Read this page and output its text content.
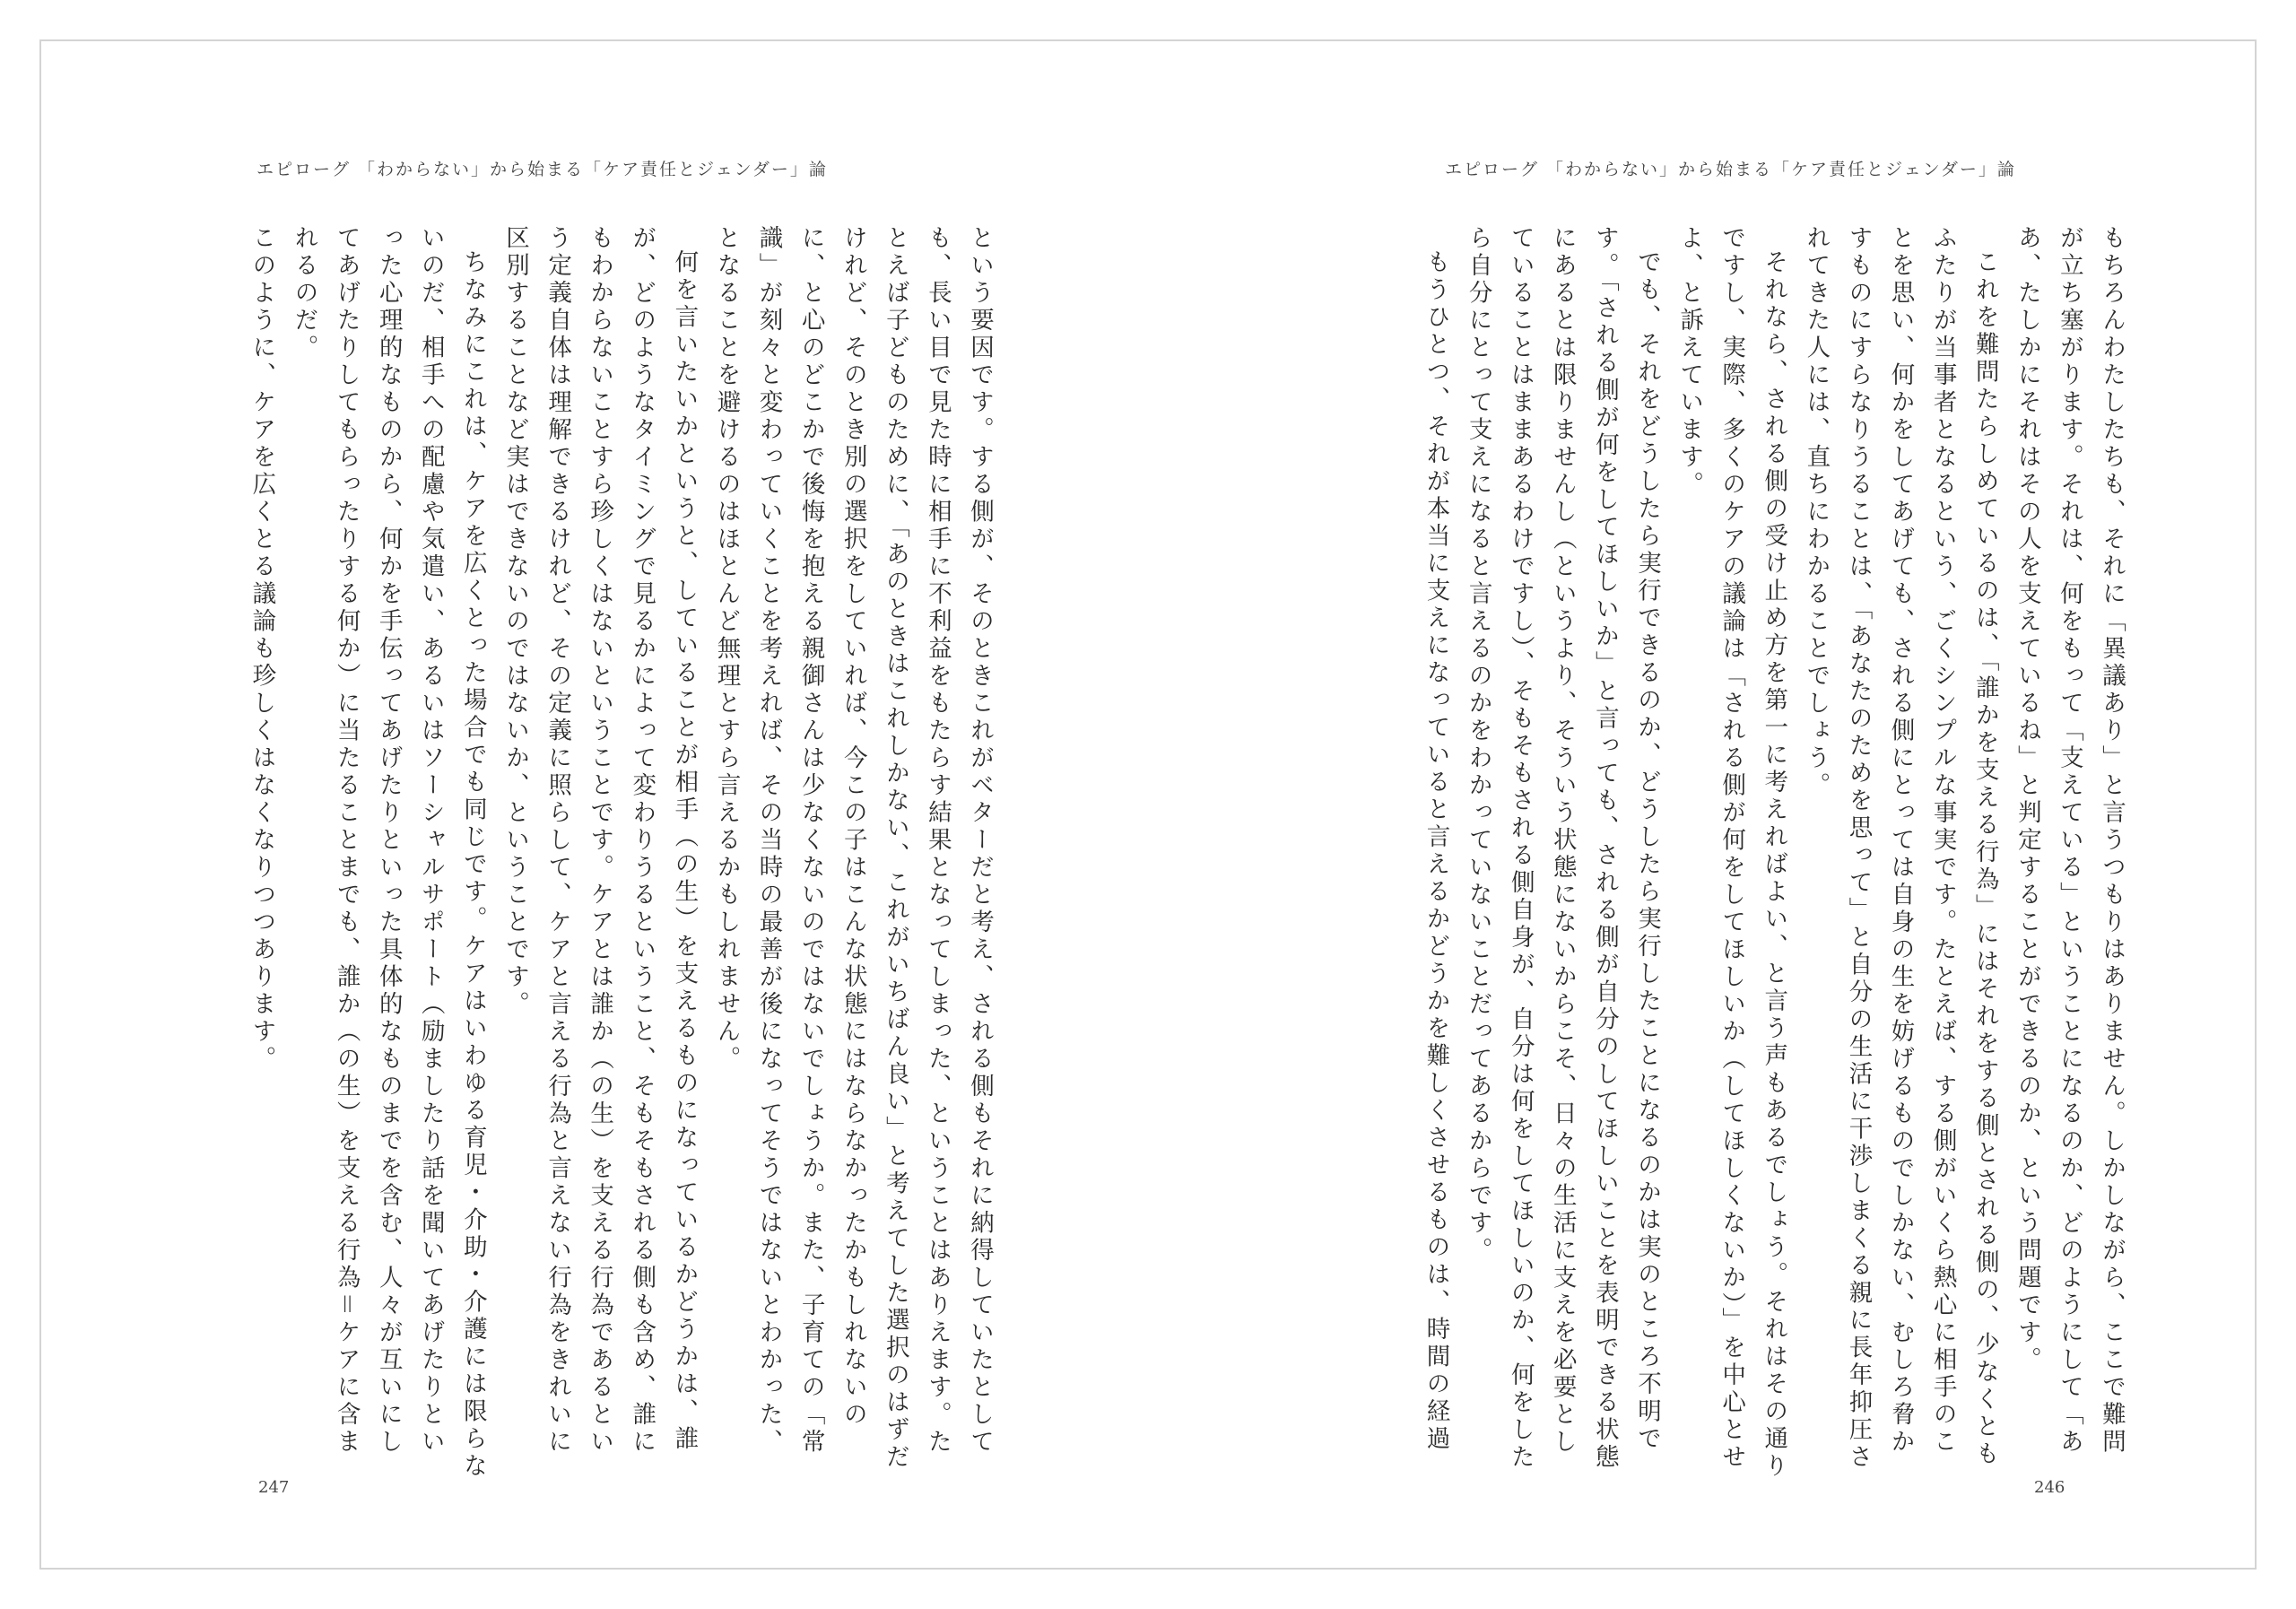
エピローグ 「わからない」から始まる「ケア責任とジェンダー」論

という要因です。する側が、そのときこれがベターだと考え、される側もそれに納得していたとしても、長い目で見た時に相手に不利益をもたらす結果となってしまった、ということはありえます。たとえば子どものために、「あのときはこれしかない、これがいちばん良い」と考えてした選択のはずだけれど、そのとき別の選択をしていれば、今この子はこんな状態にはならなかったかもしれないのに、と心のどこかで後悔を抱える親御さんは少なくないのではないでしょうか。また、子育ての「常識」が刻々と変わっていくことを考えれば、その当時の最善が後になってそうではないとわかった、となることを避けるのはほとんど無理とすら言えるかもしれません。

何を言いたいかというと、していることが相手（の生）を支えるものになっているかどうかは、誰が、どのようなタイミングで見るかによって変わりうるということ、そもそもされる側も含め、誰にもわからないことすら珍しくはないということです。ケアとは誰か（の生）を支える行為であるという定義自体は理解できるけれど、その定義に照らして、ケアと言える行為と言えない行為をきれいに区別することなど実はできないのではないか、ということです。

ちなみにこれは、ケアを広くとった場合でも同じです。ケアはいわゆる育児・介助・介護には限らないのだ、相手への配慮や気遣い、あるいはソーシャルサポート（励ましたり話を聞いてあげたりといった心理的なものから、何かを手伝ってあげたりといった具体的なものまでを含む、人々が互いにしてあげたりしてもらったりする何か）に当たることまでも、誰か（の生）を支える行為＝ケアに含まれるのだ。

このように、ケアを広くとる議論も珍しくはなくなりつつあります。

247
エピローグ 「わからない」から始まる「ケア責任とジェンダー」論

もちろんわたしたちも、それに「異議あり」と言うつもりはありません。しかしながら、ここで難問が立ち塞がります。それは、何をもって「支えている」ということになるのか、どのようにして「ああ、たしかにそれはその人を支えているね」と判定することができるのか、という問題です。

これを難問たらしめているのは、「誰かを支える行為」にはそれをする側とされる側の、少なくともふたりが当事者となるという、ごくシンプルな事実です。たとえば、する側がいくら熱心に相手のことを思い、何かをしてあげても、される側にとっては自身の生を妨げるものでしかない、むしろ脅かすものにすらなりうることは、「あなたのためを思って」と自分の生活に干渉しまくる親に長年抑圧されてきた人には、直ちにわかることでしょう。

それなら、される側の受け止め方を第一に考えればよい、と言う声もあるでしょう。それはその通りですし、実際、多くのケアの議論は「される側が何をしてほしいか（してほしくないか）」を中心とせよ、と訴えています。

でも、それをどうしたら実行できるのか、どうしたら実行したことになるのかは実のところ不明です。「される側が何をしてほしいか」と言っても、される側が自分のしてほしいことを表明できる状態にあるとは限りませんし（というより、そういう状態にないからこそ、日々の生活に支えを必要としていることはままあるわけですし）、そもそもされる側自身が、自分は何をしてほしいのか、何をしたら自分にとって支えになると言えるのかをわかっていないことだってあるからです。

もうひとつ、それが本当に支えになっていると言えるかどうかを難しくさせるものは、時間の経過

246
